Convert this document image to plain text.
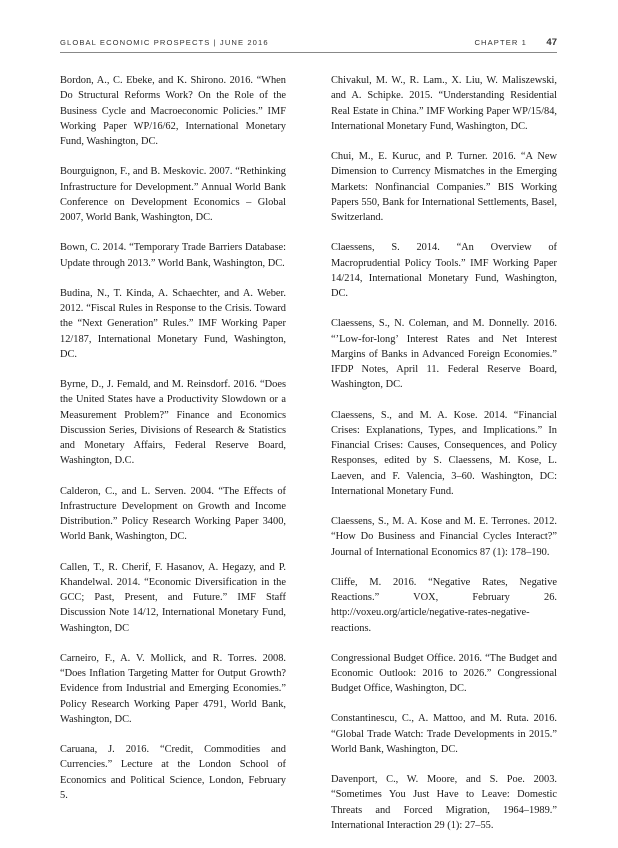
GLOBAL ECONOMIC PROSPECTS | JUNE 2016	CHAPTER 1 47

Bordon, A., C. Ebeke, and K. Shirono. 2016. “When Do Structural Reforms Work? On the Role of the Business Cycle and Macroeconomic Policies.” IMF Working Paper WP/16/62, International Monetary Fund, Washington, DC.

Bourguignon, F., and B. Meskovic. 2007. “Rethinking Infrastructure for Development.” Annual World Bank Conference on Development Economics – Global 2007, World Bank, Washington, DC.

Bown, C. 2014. “Temporary Trade Barriers Database: Update through 2013.” World Bank, Washington, DC.

Budina, N., T. Kinda, A. Schaechter, and A. Weber. 2012. “Fiscal Rules in Response to the Crisis. Toward the “Next Generation” Rules.” IMF Working Paper 12/187, International Monetary Fund, Washington, DC.

Byrne, D., J. Femald, and M. Reinsdorf. 2016. “Does the United States have a Productivity Slowdown or a Measurement Problem?” Finance and Economics Discussion Series, Divisions of Research & Statistics and Monetary Affairs, Federal Reserve Board, Washington, D.C.

Calderon, C., and L. Serven. 2004. “The Effects of Infrastructure Development on Growth and Income Distribution.” Policy Research Working Paper 3400, World Bank, Washington, DC.

Callen, T., R. Cherif, F. Hasanov, A. Hegazy, and P. Khandelwal. 2014. “Economic Diversification in the GCC; Past, Present, and Future.” IMF Staff Discussion Note 14/12, International Monetary Fund, Washington, DC

Carneiro, F., A. V. Mollick, and R. Torres. 2008. “Does Inflation Targeting Matter for Output Growth? Evidence from Industrial and Emerging Economies.” Policy Research Working Paper 4791, World Bank, Washington, DC.

Caruana, J. 2016. “Credit, Commodities and Currencies.” Lecture at the London School of Economics and Political Science, London, February 5.

Chivakul, M. W., R. Lam., X. Liu, W. Maliszewski, and A. Schipke. 2015. “Understanding Residential Real Estate in China.” IMF Working Paper WP/15/84, International Monetary Fund, Washington, DC.

Chui, M., E. Kuruc, and P. Turner. 2016. “A New Dimension to Currency Mismatches in the Emerging Markets: Nonfinancial Companies.” BIS Working Papers 550, Bank for International Settlements, Basel, Switzerland.

Claessens, S. 2014. “An Overview of Macroprudential Policy Tools.” IMF Working Paper 14/214, International Monetary Fund, Washington, DC.

Claessens, S., N. Coleman, and M. Donnelly. 2016. “’Low-for-long’ Interest Rates and Net Interest Margins of Banks in Advanced Foreign Economies.” IFDP Notes, April 11. Federal Reserve Board, Washington, DC.

Claessens, S., and M. A. Kose. 2014. “Financial Crises: Explanations, Types, and Implications.” In Financial Crises: Causes, Consequences, and Policy Responses, edited by S. Claessens, M. Kose, L. Laeven, and F. Valencia, 3–60. Washington, DC: International Monetary Fund.

Claessens, S., M. A. Kose and M. E. Terrones. 2012. “How Do Business and Financial Cycles Interact?” Journal of International Economics 87 (1): 178–190.

Cliffe, M. 2016. “Negative Rates, Negative Reactions.” VOX, February 26. http://voxeu.org/article/negative-rates-negative-reactions.

Congressional Budget Office. 2016. “The Budget and Economic Outlook: 2016 to 2026.” Congressional Budget Office, Washington, DC.

Constantinescu, C., A. Mattoo, and M. Ruta. 2016. “Global Trade Watch: Trade Developments in 2015.” World Bank, Washington, DC.

Davenport, C., W. Moore, and S. Poe. 2003. “Sometimes You Just Have to Leave: Domestic Threats and Forced Migration, 1964–1989.” International Interaction 29 (1): 27–55.
